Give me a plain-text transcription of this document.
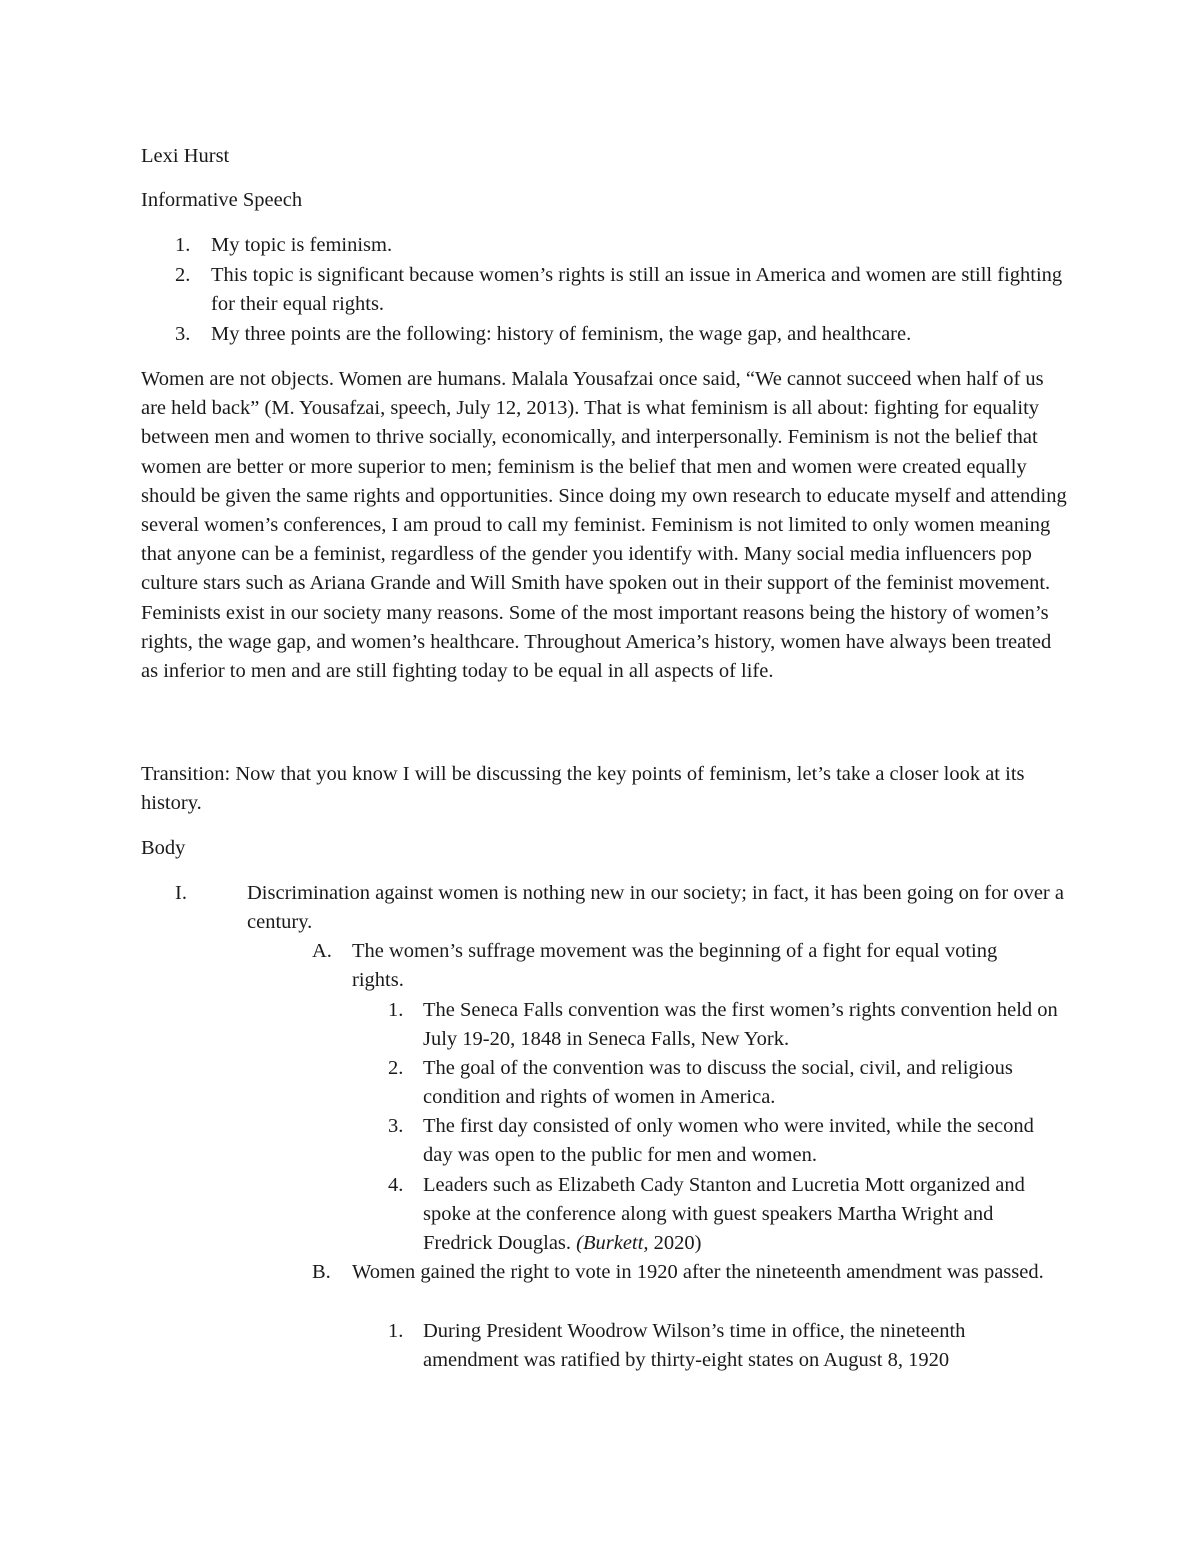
Lexi Hurst
Informative Speech
1.	My topic is feminism.
2.	This topic is significant because women’s rights is still an issue in America and women are still fighting for their equal rights.
3.	My three points are the following: history of feminism, the wage gap, and healthcare.

Women are not objects. Women are humans. Malala Yousafzai once said, “We cannot succeed when half of us are held back” (M. Yousafzai, speech, July 12, 2013). That is what feminism is all about: fighting for equality between men and women to thrive socially, economically, and interpersonally. Feminism is not the belief that women are better or more superior to men; feminism is the belief that men and women were created equally should be given the same rights and opportunities. Since doing my own research to educate myself and attending several women’s conferences, I am proud to call my feminist. Feminism is not limited to only women meaning that anyone can be a feminist, regardless of the gender you identify with. Many social media influencers pop culture stars such as Ariana Grande and Will Smith have spoken out in their support of the feminist movement. Feminists exist in our society many reasons. Some of the most important reasons being the history of women’s rights, the wage gap, and women’s healthcare. Throughout America’s history, women have always been treated as inferior to men and are still fighting today to be equal in all aspects of life.

Transition: Now that you know I will be discussing the key points of feminism, let’s take a closer look at its history.

Body
I.	Discrimination against women is nothing new in our society; in fact, it has been going on for over a century.
A. The women’s suffrage movement was the beginning of a fight for equal voting rights.
1. The Seneca Falls convention was the first women’s rights convention held on July 19-20, 1848 in Seneca Falls, New York.
2. The goal of the convention was to discuss the social, civil, and religious condition and rights of women in America.
3. The first day consisted of only women who were invited, while the second day was open to the public for men and women.
4. Leaders such as Elizabeth Cady Stanton and Lucretia Mott organized and spoke at the conference along with guest speakers Martha Wright and Fredrick Douglas. (Burkett, 2020)
B. Women gained the right to vote in 1920 after the nineteenth amendment was passed.
1. During President Woodrow Wilson’s time in office, the nineteenth amendment was ratified by thirty-eight states on August 8, 1920
